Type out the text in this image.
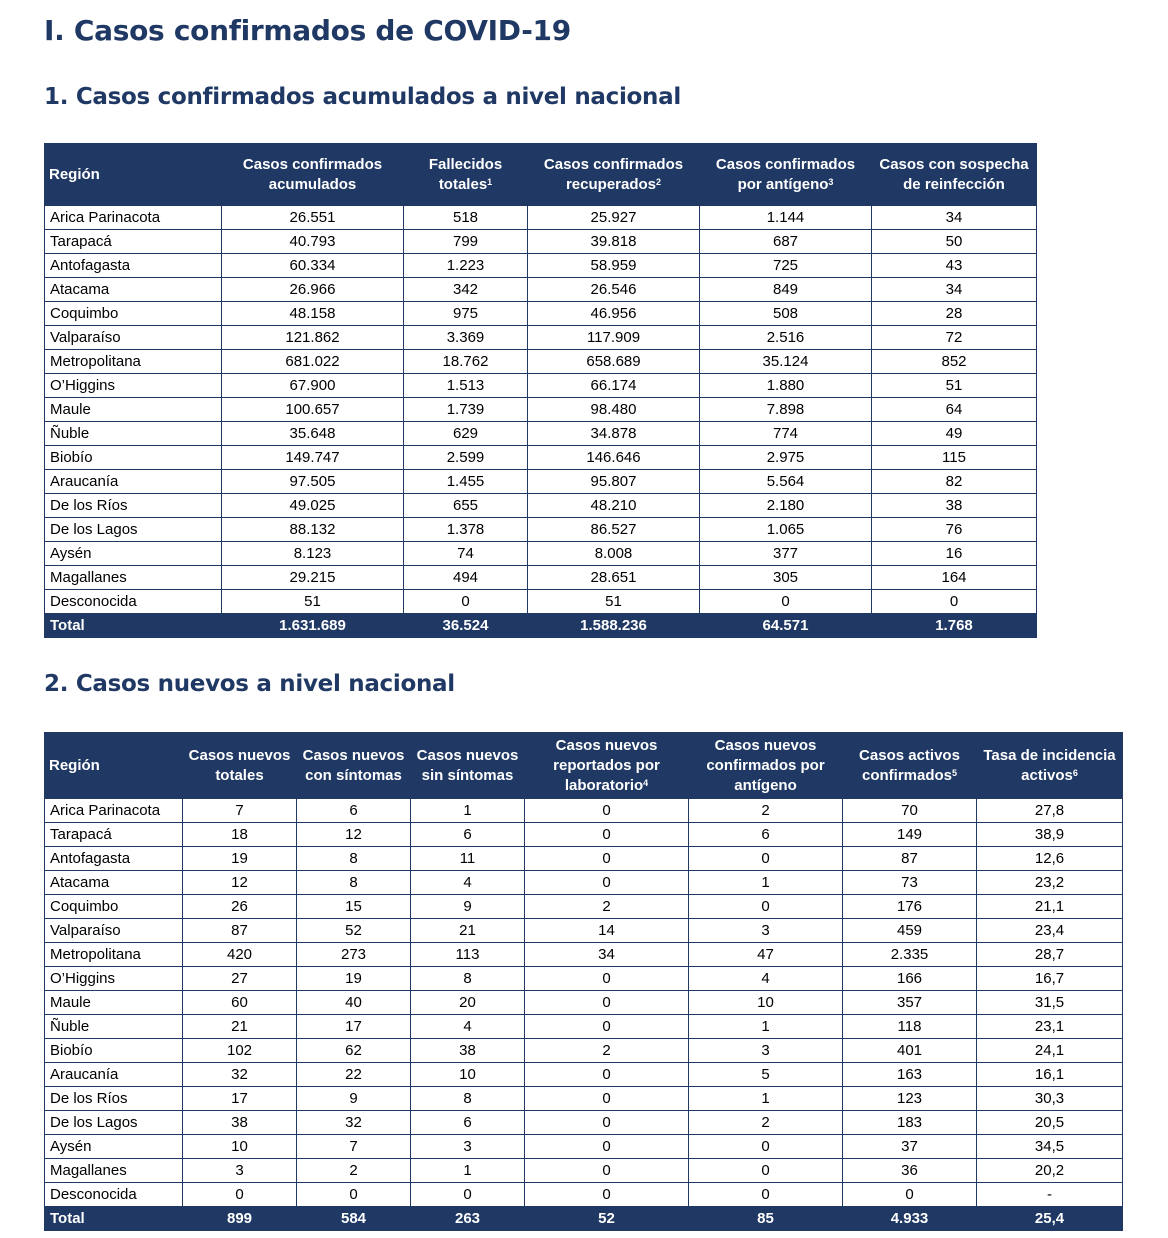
I. Casos confirmados de COVID-19
1. Casos confirmados acumulados a nivel nacional
Región	Casos confirmados acumulados	Fallecidos totales$^1$	Casos confirmados recuperados$^2$	Casos confirmados por antígeno$^3$	Casos con sospecha de reinfección
Arica Parinacota	26.551	518	25.927	1.144	34
Tarapacá	40.793	799	39.818	687	50
Antofagasta	60.334	1.223	58.959	725	43
Atacama	26.966	342	26.546	849	34
Coquimbo	48.158	975	46.956	508	28
Valparaíso	121.862	3.369	117.909	2.516	72
Metropolitana	681.022	18.762	658.689	35.124	852
O’Higgins	67.900	1.513	66.174	1.880	51
Maule	100.657	1.739	98.480	7.898	64
Ñuble	35.648	629	34.878	774	49
Biobío	149.747	2.599	146.646	2.975	115
Araucanía	97.505	1.455	95.807	5.564	82
De los Ríos	49.025	655	48.210	2.180	38
De los Lagos	88.132	1.378	86.527	1.065	76
Aysén	8.123	74	8.008	377	16
Magallanes	29.215	494	28.651	305	164
Desconocida	51	0	51	0	0
Total	1.631.689	36.524	1.588.236	64.571	1.768
2. Casos nuevos a nivel nacional
Región	Casos nuevos totales	Casos nuevos con síntomas	Casos nuevos sin síntomas	Casos nuevos reportados por laboratorio$^4$	Casos nuevos confirmados por antígeno	Casos activos confirmados$^5$	Tasa de incidencia activos$^6$
Arica Parinacota	7	6	1	0	2	70	27,8
Tarapacá	18	12	6	0	6	149	38,9
Antofagasta	19	8	11	0	0	87	12,6
Atacama	12	8	4	0	1	73	23,2
Coquimbo	26	15	9	2	0	176	21,1
Valparaíso	87	52	21	14	3	459	23,4
Metropolitana	420	273	113	34	47	2.335	28,7
O’Higgins	27	19	8	0	4	166	16,7
Maule	60	40	20	0	10	357	31,5
Ñuble	21	17	4	0	1	118	23,1
Biobío	102	62	38	2	3	401	24,1
Araucanía	32	22	10	0	5	163	16,1
De los Ríos	17	9	8	0	1	123	30,3
De los Lagos	38	32	6	0	2	183	20,5
Aysén	10	7	3	0	0	37	34,5
Magallanes	3	2	1	0	0	36	20,2
Desconocida	0	0	0	0	0	0	-
Total	899	584	263	52	85	4.933	25,4
